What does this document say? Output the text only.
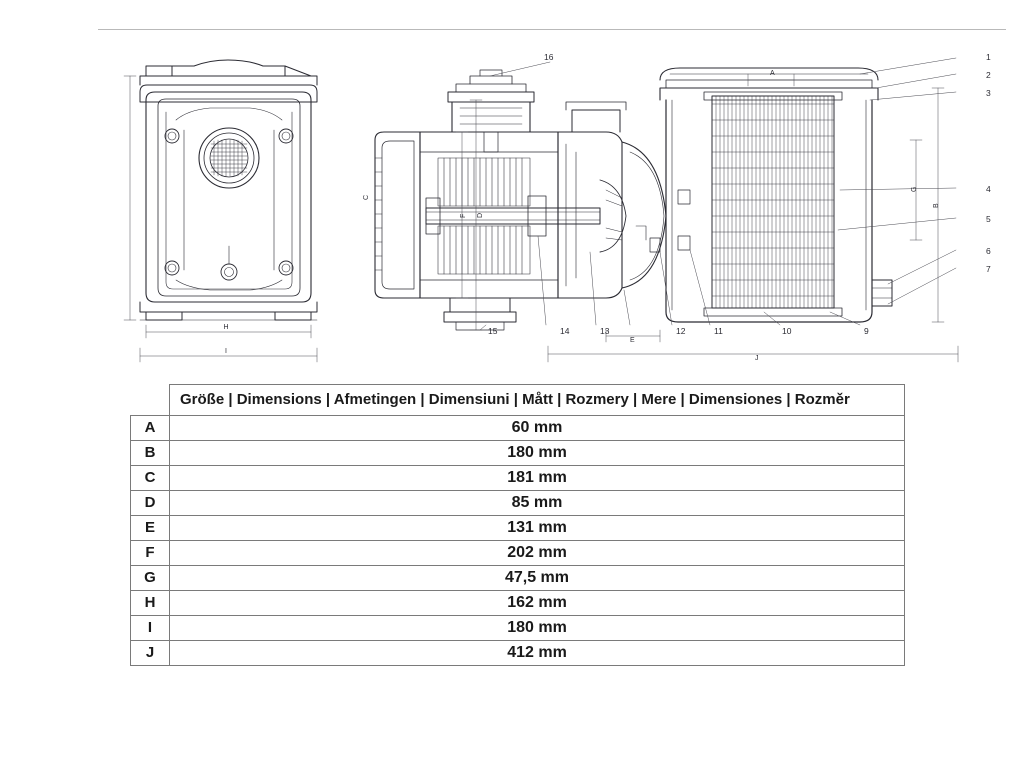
H
I
1
2
3
4
5
6
7
9
10
11
12
13
14
15
16
A
J
E
F D
G
B
C
	Größe | Dimensions | Afmetingen | Dimensiuni | Mått | Rozmery | Mere | Dimensiones | Rozměr
A	60 mm
B	180 mm
C	181 mm
D	85 mm
E	131 mm
F	202 mm
G	47,5 mm
H	162 mm
I	180 mm
J	412 mm
